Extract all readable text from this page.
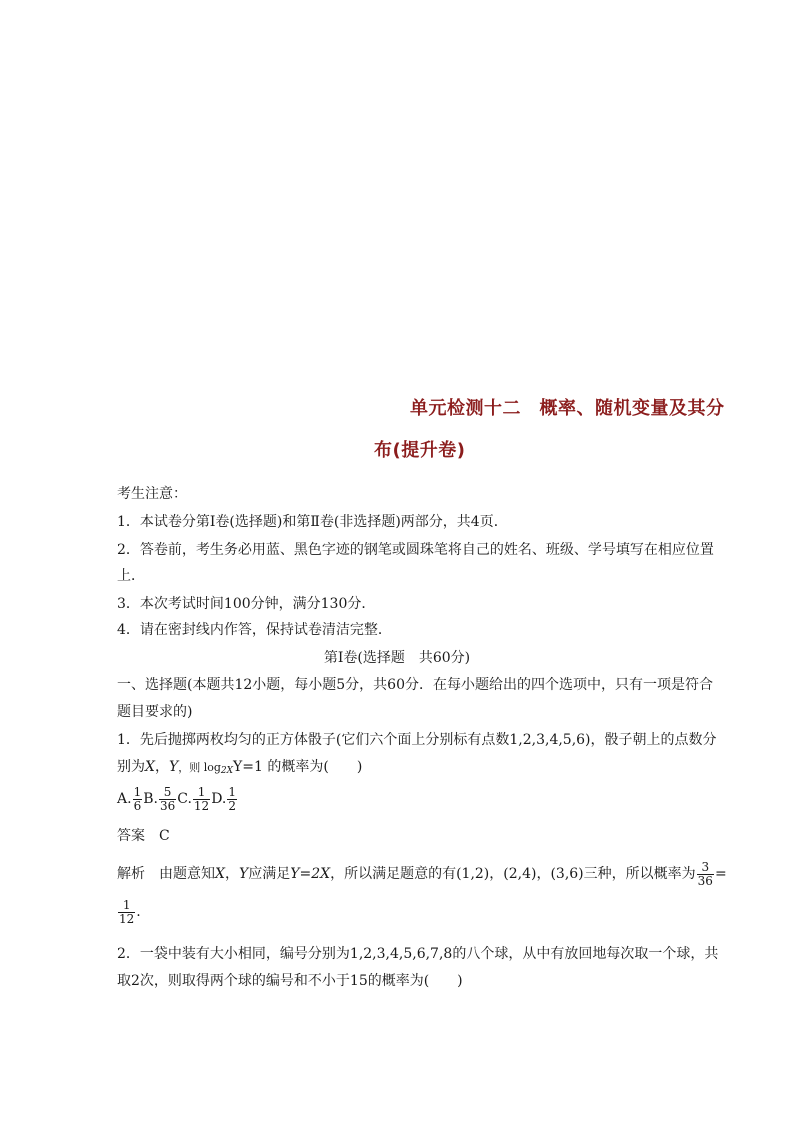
单元检测十二　概率、随机变量及其分
布(提升卷)
考生注意：
1．本试卷分第Ⅰ卷(选择题)和第Ⅱ卷(非选择题)两部分，共4页．
2．答卷前，考生务必用蓝、黑色字迹的钢笔或圆珠笔将自己的姓名、班级、学号填写在相应位置
上．
3．本次考试时间100分钟，满分130分．
4．请在密封线内作答，保持试卷清洁完整．
第Ⅰ卷(选择题　共60分)
一、选择题(本题共12小题，每小题5分，共60分．在每小题给出的四个选项中，只有一项是符合
题目要求的)
1．先后抛掷两枚均匀的正方体骰子(它们六个面上分别标有点数1,2,3,4,5,6)，骰子朝上的点数分
别为X，Y，则 $\log_{2X}Y=1$ 的概率为(　　)
A. $\frac{1}{6} B$. $\frac{5}{36} C$. $\frac{1}{12} D$. $\frac{1}{2}$
答案　C
解析　由题意知X，Y应满足Y=2X，所以满足题意的有(1,2)，(2,4)，(3,6)三种，所以概率为 $\frac{3}{36}$ =
$\frac{1}{12}$ .
2．一袋中装有大小相同，编号分别为1,2,3,4,5,6,7,8的八个球，从中有放回地每次取一个球，共
取2次，则取得两个球的编号和不小于15的概率为(　　)
